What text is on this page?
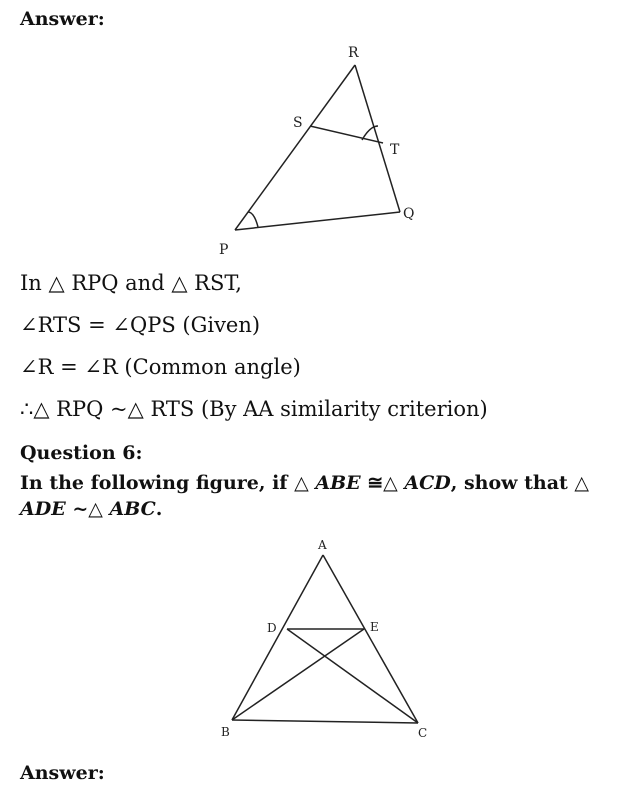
Answer:
R
S
T
Q
P
In △ RPQ and △ RST,
∠RTS = ∠QPS (Given)
∠R = ∠R (Common angle)
∴△ RPQ ~△ RTS (By AA similarity criterion)
Question 6:
In the following figure, if △ ABE ≅△ ACD, show that △
ADE ~△ ABC.
A
D	E
B	C
Answer:
